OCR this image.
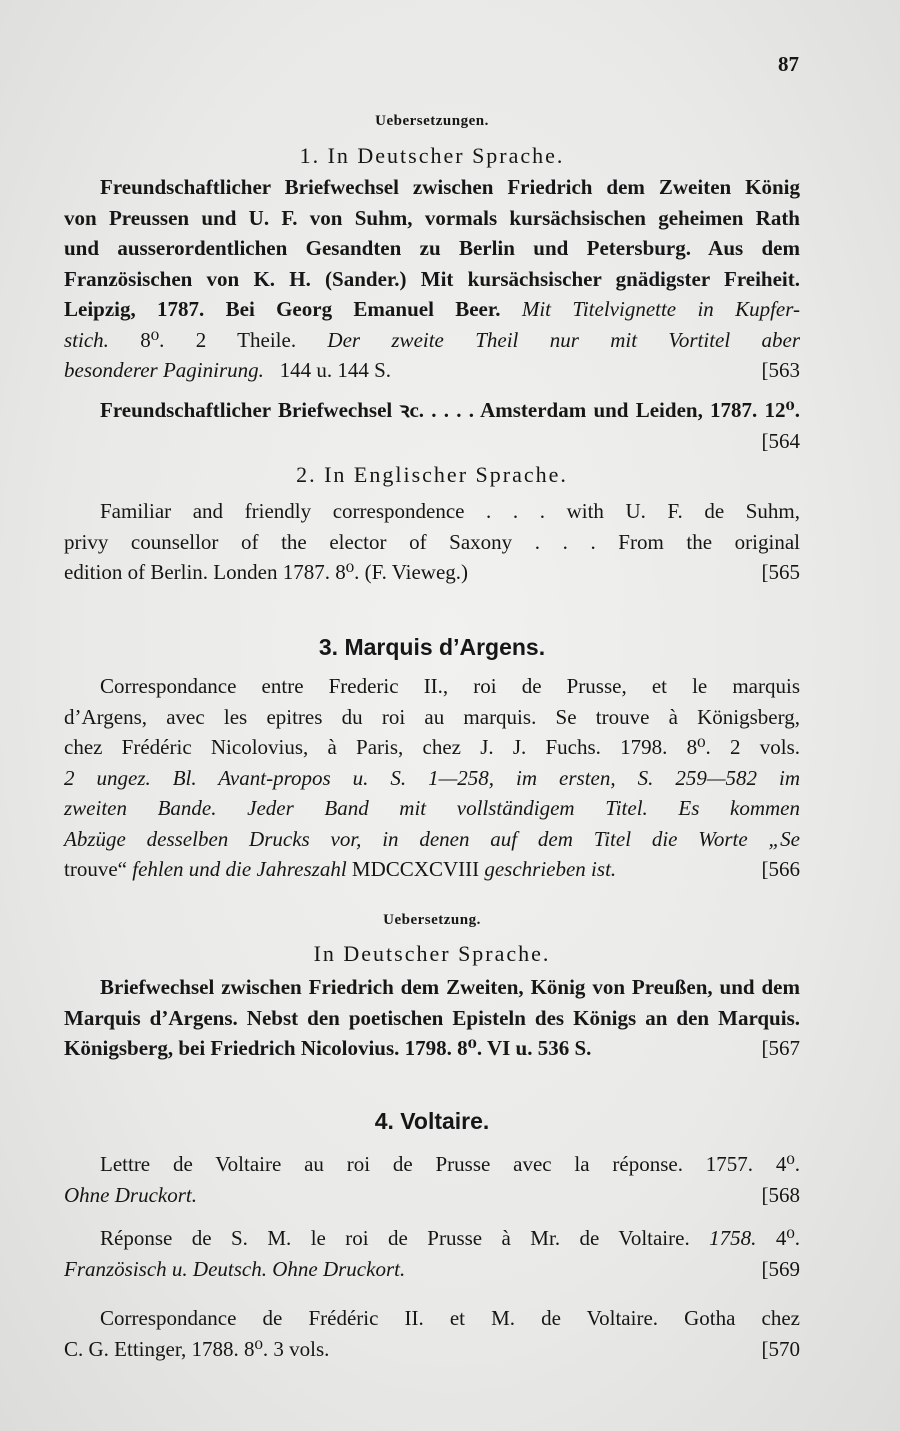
87

Uebersetzungen.

1. In Deutscher Sprache.

Freundschaftlicher Briefwechsel zwischen Friedrich dem Zweiten König
von Preussen und U. F. von Suhm, vormals kursächsischen geheimen Rath
und ausserordentlichen Gesandten zu Berlin und Petersburg. Aus dem
Französischen von K. H. (Sander.) Mit kursächsischer gnädigster Freiheit.
Leipzig, 1787. Bei Georg Emanuel Beer. Mit Titelvignette in Kupfer-
stich. 8⁰. 2 Theile. Der zweite Theil nur mit Vortitel aber
besonderer Paginirung. 144 u. 144 S.	[563
Freundschaftlicher Briefwechsel ꝛc. . . . . Amsterdam und Leiden, 1787. 12⁰.

[564

2. In Englischer Sprache.

Familiar and friendly correspondence . . . with U. F. de Suhm,
privy counsellor of the elector of Saxony . . . From the original
edition of Berlin. Londen 1787. 8⁰. (F. Vieweg.)	[565

3. Marquis d’Argens.

Correspondance entre Frederic II., roi de Prusse, et le marquis
d’Argens, avec les epitres du roi au marquis. Se trouve à Königsberg,
chez Frédéric Nicolovius, à Paris, chez J. J. Fuchs. 1798. 8⁰. 2 vols.
2 ungez. Bl. Avant-propos u. S. 1—258, im ersten, S. 259—582 im
zweiten Bande. Jeder Band mit vollständigem Titel. Es kommen
Abzüge desselben Drucks vor, in denen auf dem Titel die Worte „Se
trouve“ fehlen und die Jahreszahl MDCCXCVIII geschrieben ist.	[566

Uebersetzung.

In Deutscher Sprache.

Briefwechsel zwischen Friedrich dem Zweiten, König von Preußen, und dem
Marquis d’Argens. Nebst den poetischen Episteln des Königs an den Marquis.
Königsberg, bei Friedrich Nicolovius. 1798. 8⁰. VI u. 536 S.	[567

4. Voltaire.

Lettre de Voltaire au roi de Prusse avec la réponse. 1757. 4⁰.
Ohne Druckort.	[568
Réponse de S. M. le roi de Prusse à Mr. de Voltaire. 1758. 4⁰.
Französisch u. Deutsch. Ohne Druckort.	[569
Correspondance de Frédéric II. et M. de Voltaire. Gotha chez
C. G. Ettinger, 1788. 8⁰. 3 vols.	[570
